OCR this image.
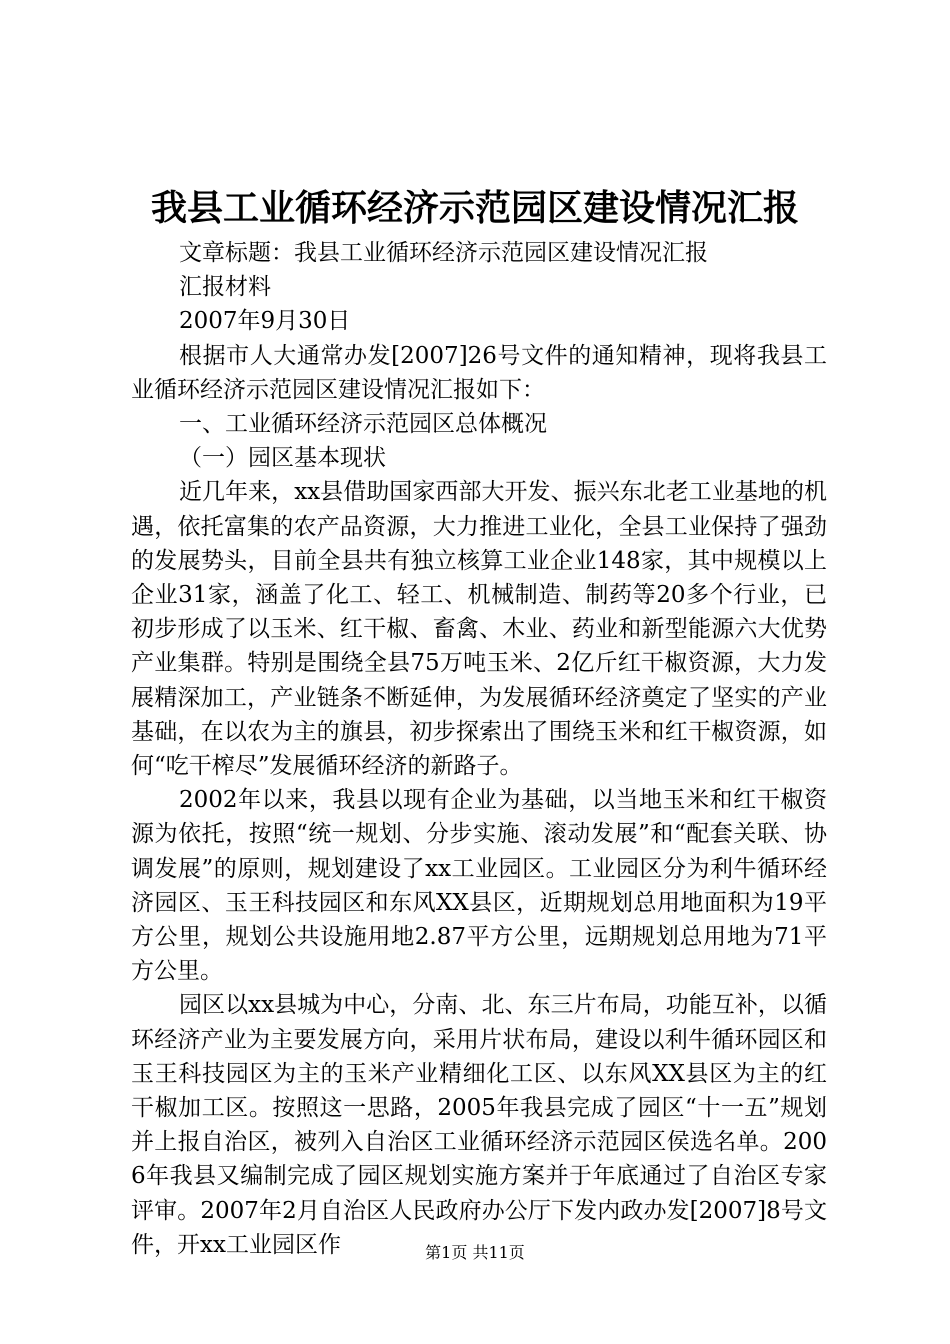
我县工业循环经济示范园区建设情况汇报

文章标题：我县工业循环经济示范园区建设情况汇报

汇报材料

2007年9月30日

根据市人大通常办发[2007]26号文件的通知精神，现将我县工业循环经济示范园区建设情况汇报如下：

一、工业循环经济示范园区总体概况

（一）园区基本现状

近几年来，xx县借助国家西部大开发、振兴东北老工业基地的机遇，依托富集的农产品资源，大力推进工业化，全县工业保持了强劲的发展势头，目前全县共有独立核算工业企业148家，其中规模以上企业31家，涵盖了化工、轻工、机械制造、制药等20多个行业，已初步形成了以玉米、红干椒、畜禽、木业、药业和新型能源六大优势产业集群。特别是围绕全县75万吨玉米、2亿斤红干椒资源，大力发展精深加工，产业链条不断延伸，为发展循环经济奠定了坚实的产业基础，在以农为主的旗县，初步探索出了围绕玉米和红干椒资源，如何“吃干榨尽”发展循环经济的新路子。

2002年以来，我县以现有企业为基础，以当地玉米和红干椒资源为依托，按照“统一规划、分步实施、滚动发展”和“配套关联、协调发展”的原则，规划建设了xx工业园区。工业园区分为利牛循环经济园区、玉王科技园区和东风XX县区，近期规划总用地面积为19平方公里，规划公共设施用地2.87平方公里，远期规划总用地为71平方公里。

园区以xx县城为中心，分南、北、东三片布局，功能互补，以循环经济产业为主要发展方向，采用片状布局，建设以利牛循环园区和玉王科技园区为主的玉米产业精细化工区、以东风XX县区为主的红干椒加工区。按照这一思路，2005年我县完成了园区“十一五”规划并上报自治区，被列入自治区工业循环经济示范园区侯选名单。2006年我县又编制完成了园区规划实施方案并于年底通过了自治区专家评审。2007年2月自治区人民政府办公厅下发内政办发[2007]8号文件，开xx工业园区作	第1页 共11页
